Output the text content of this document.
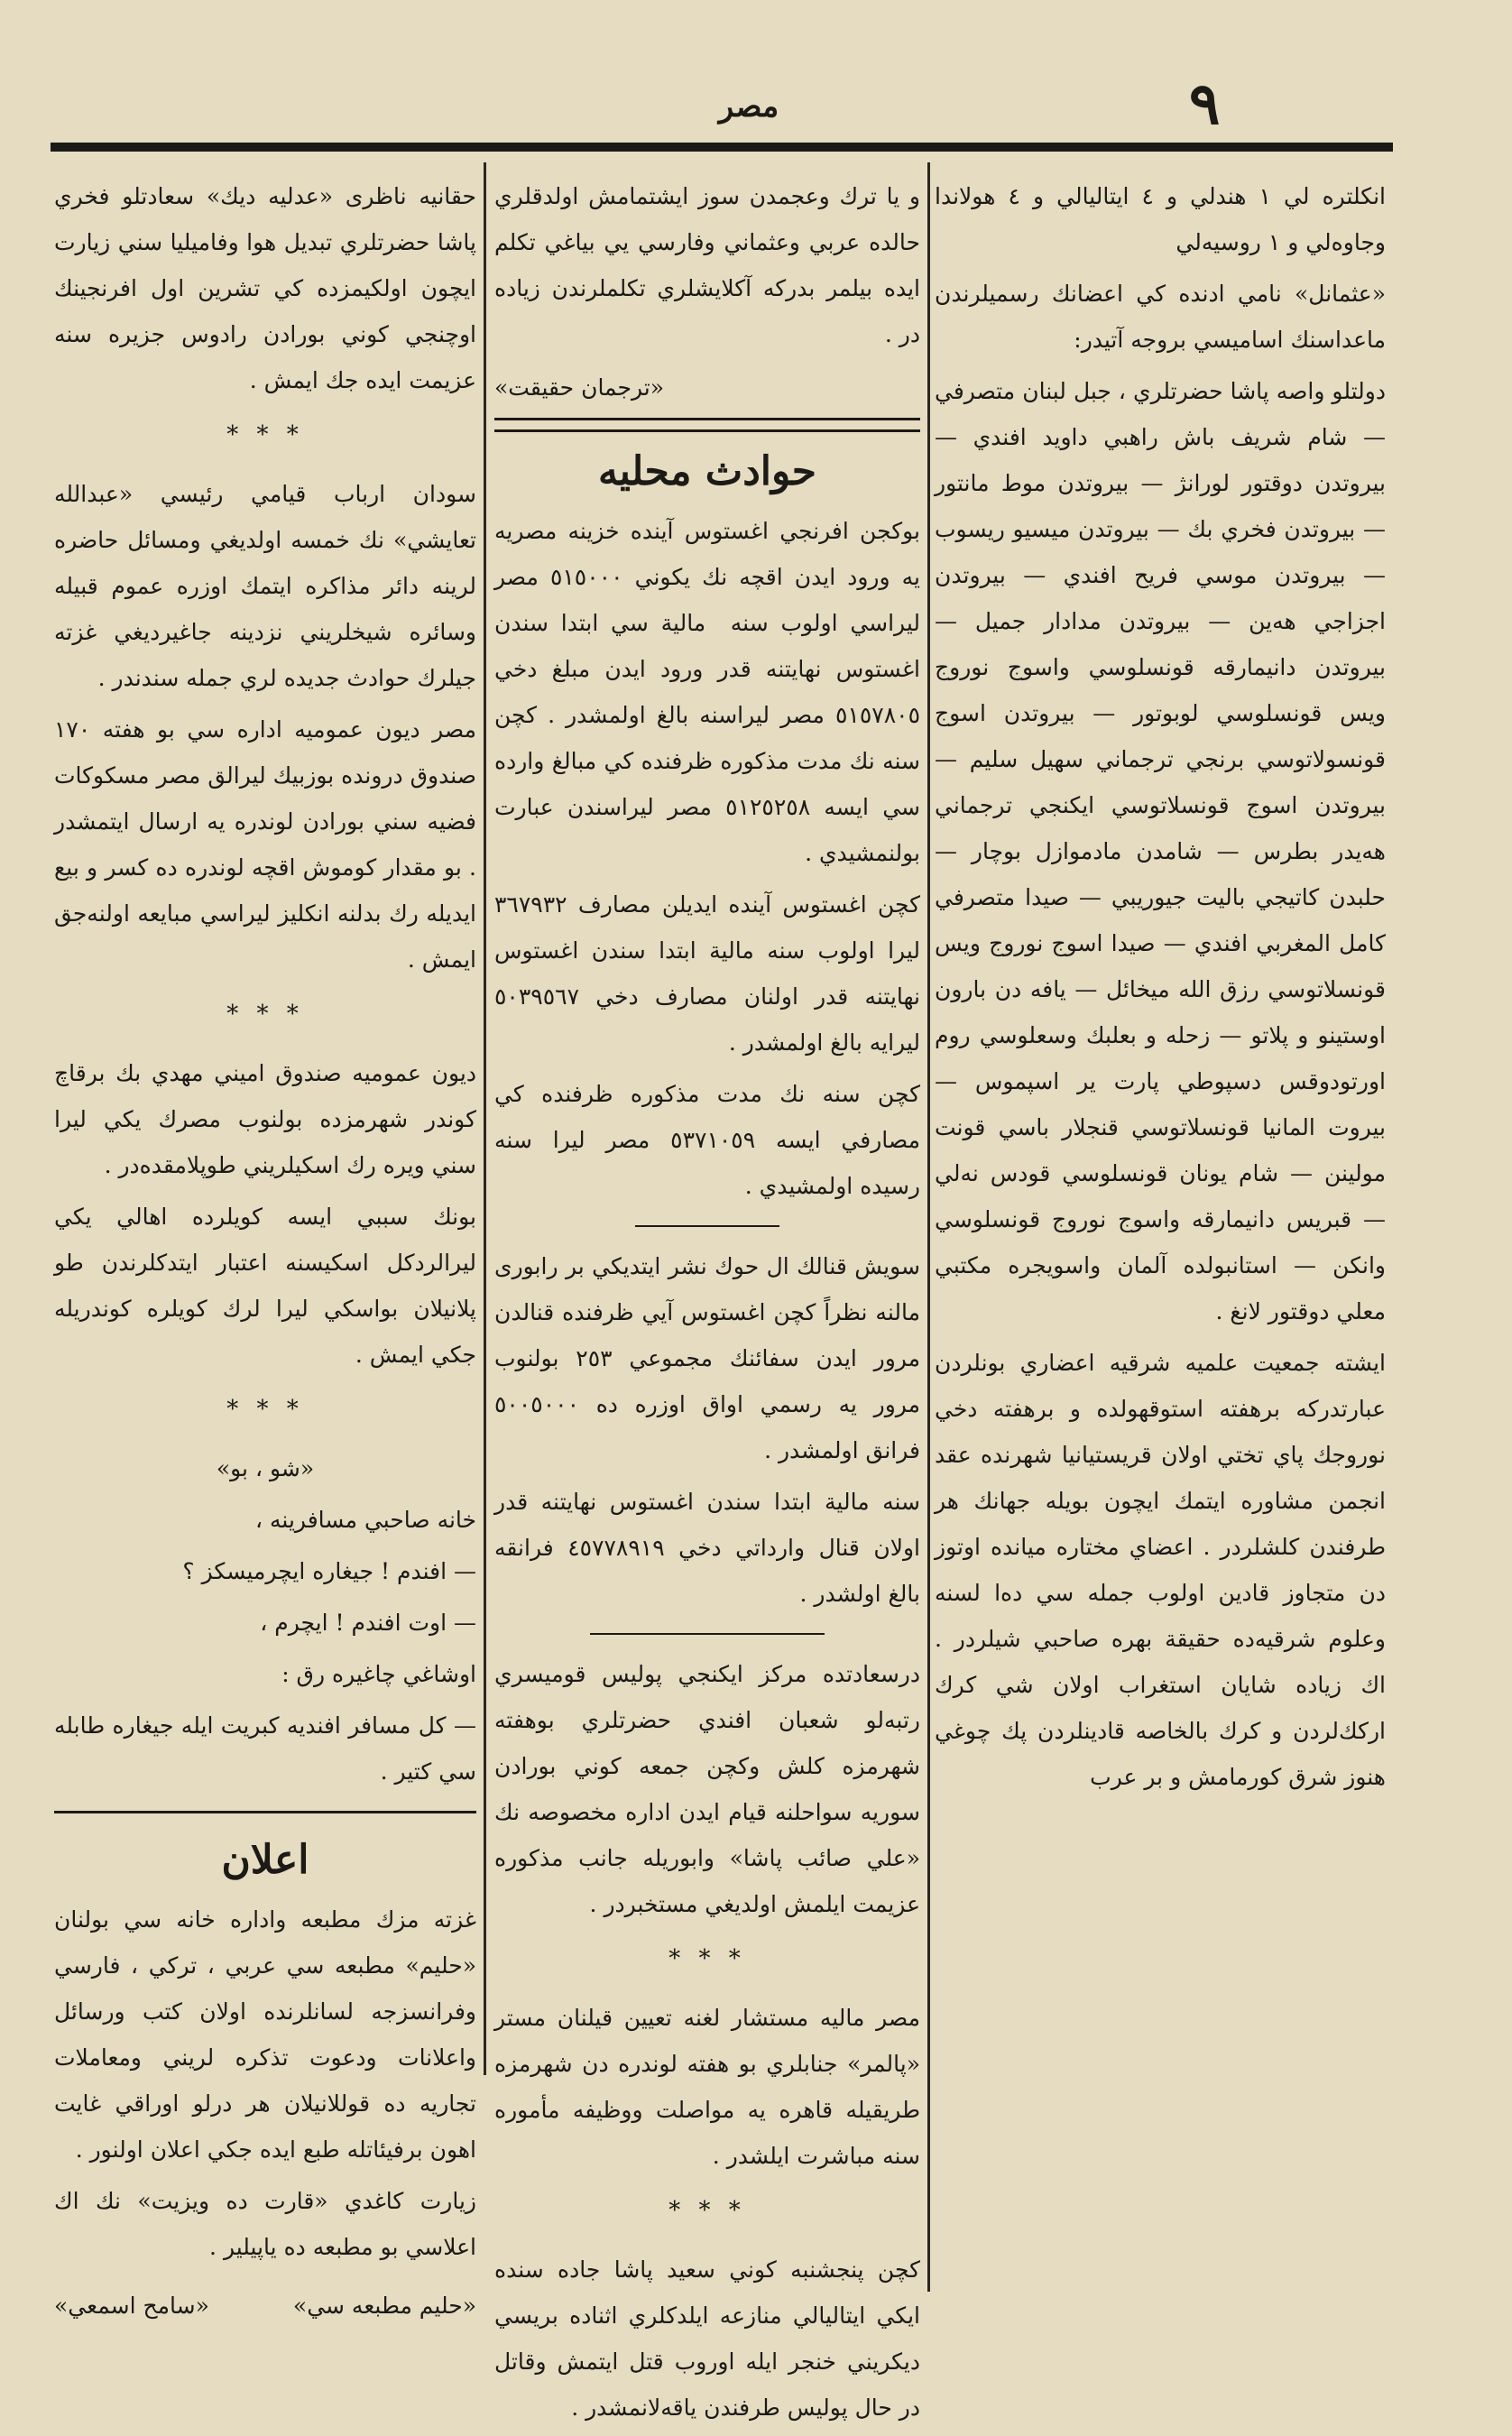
٩
مصر

انكلترە لي ۱ هندلي و ٤ ايتاليالي و ٤ هولاندا وجاوەلي و ۱ روسيەلي

«عثمانل» نامي ادنده كي اعضانك رسميلرندن ماعداسنك اساميسي بروجه آتيدر:

دولتلو واصە پاشا حضرتلري ، جبل لبنان متصرفي — شام شريف باش راهبي داويد افندي — بيروتدن دوقتور لورانژ — بيروتدن موط مانتور — بيروتدن فخري بك — بيروتدن ميسيو ريسوب — بيروتدن موسي فريح افندي — بيروتدن اجزاجي هەين — بيروتدن مدادار جميل — بيروتدن دانيمارقه قونسلوسي واسوج نوروج ويس قونسلوسي لوبوتور — بيروتدن اسوج قونسولاتوسي برنجي ترجماني سهيل سليم — بيروتدن اسوج قونسلاتوسي ايكنجي ترجماني هەيدر بطرس — شامدن مادموازل بوچار — حلبدن كاتيجي باليت جيوريبي — صيدا متصرفي كامل المغربي افندي — صيدا اسوج نوروج ويس قونسلاتوسي رزق الله ميخائل — يافه دن بارون اوستينو و پلاتو — زحله و بعلبك وسعلوسي روم اورتودوقس دسپوطي پارت ير اسپموس — بيروت المانيا قونسلاتوسي قنجلار باسي قونت مولينن — شام يونان قونسلوسي قودس ‌نه‌لي — قبريس دانيمارقه واسوج نوروج قونسلوسي وانكن — استانبولده آلمان واسويجره مكتبي معلي دوقتور لانغ .

ايشته جمعيت علميه شرقيه اعضاري بونلردن عبارتدركه برهفته استوقهولده و برهفته دخي نوروجك پاي تختي اولان قريستيانيا شهرنده عقد انجمن مشاوره ايتمك ايچون بويله جهانك هر طرفندن كلشلردر . اعضاي مختاره ميانده اوتوز دن متجاوز قادين اولوب جمله سي ده‌ا لسنه وعلوم شرقيه‌ده حقيقة بهره صاحبي شيلردر . اك زياده شايان استغراب اولان شي كرك اركك‌لردن و كرك بالخاصه قادينلردن پك چوغي هنوز شرق كورمامش و بر عرب

و يا ترك وعجمدن سوز ايشتمامش اولدقلري حالده عربي وعثماني وفارسي يي بياغي تكلم ايده بيلمر بدركه آكلايشلري تكلملرندن زياده در .

«ترجمان حقيقت»
حوادث محليه

بوكجن افرنجي اغستوس آينده خزينه مصريه ‌يه ورود ايدن اقچه نك يكوني ٥١٥٠٠٠ مصر ليراسي اولوب سنه ‌ مالية سي ابتدا سندن اغستوس نهايتنه قدر ورود ايدن مبلغ دخي ٥١٥٧٨٠٥ مصر ليراسنه بالغ اولمشدر . كچن سنه نك مدت مذكوره ظرفنده كي مبالغ وارده سي ايسه ٥١٢٥٢٥٨ مصر ليراسندن عبارت بولنمشيدي .

كچن اغستوس آينده ايديلن مصارف ٣٦٧٩٣٢ ليرا اولوب سنه مالية ابتدا سندن اغستوس نهايتنه قدر اولنان مصارف دخي ٥٠٣٩٥٦٧ ليرايه بالغ اولمشدر .

كچن سنه نك مدت مذكوره ظرفنده كي مصارفي ايسه ٥٣٧١٠٥٩ مصر ليرا سنه رسيده اولمشيدي .

سويش قنالك ال حوك نشر ايتديكي بر رابورى مالنه نظراً كچن اغستوس آيي ظرفنده قنالدن مرور ايدن سفائنك مجموعي ٢٥٣ بولنوب مرور يه رسمي اواق اوزره ده ٥٠٠٥٠٠٠ فرانق اولمشدر .

سنه مالية ابتدا سندن اغستوس نهايتنه قدر اولان قنال وارداتي دخي ٤٥٧٧٨٩١٩ فرانقه بالغ اولشدر .

درسعادتده مركز ايكنجي پوليس قوميسري رتبه‌لو شعبان افندي حضرتلري بوهفته شهرمزه كلش وكچن جمعه كوني بورادن سوريه سواحلنه قيام ايدن اداره مخصوصه نك «علي صائب پاشا» وابوريله جانب مذكوره عزيمت ايلمش اولديغي مستخبردر .

* * *

مصر ماليه مستشار لغنه تعيين قيلنان مستر «پالمر» جنابلري بو هفته لوندره دن شهرمزه طريقيله قاهره يه مواصلت ووظيفه مأموره سنه مباشرت ايلشدر .

* * *

كچن پنجشنبه كوني سعيد پاشا جاده سنده ايكي ايتاليالي منازعه ايلدكلري اثناده بريسي ديكريني خنجر ايله اوروب قتل ايتمش وقاتل در حال پوليس طرفندن ياقه‌لانمشدر .

حقانيه ناظرى «عدليه ديك» سعادتلو فخري پاشا حضرتلري تبديل هوا وفاميليا سني زيارت ايچون اولكيمزده كي تشرين اول افرنجينك اوچنجي كوني بورادن رادوس جزيره سنه عزيمت ايده جك ايمش .

* * *

سودان ارباب قيامي رئيسي «عبدالله تعايشي» نك خمسه اولديغي ومسائل حاضره لرينه دائر مذاكره ايتمك اوزره عموم قبيله وسائره شيخلريني نزدينه جاغيرديغي غزته جيلرك حوادث جديده لري جمله سندندر .

مصر ديون عموميه اداره سي بو هفته ١٧٠ صندوق درونده بوزبيك ليرالق مصر مسكوكات فضيه سني بورادن لوندره يه ارسال ايتمشدر . بو مقدار كوموش اقچه لوندره ده كسر و بيع ايديله رك بدلنه انكليز ليراسي مبايعه اولنه‌جق ايمش .

* * *

ديون عموميه صندوق اميني مهدي بك برقاچ كوندر شهرمزده بولنوب مصرك يكي ليرا سني ويره رك اسكيلريني طوپلامقده‌در .

بونك سببي ايسه كويلرده اهالي يكي ليرالردكل اسكيسنه اعتبار ايتدكلرندن طو پلانيلان بواسكي ليرا لرك كويلره كوندريله جكي ايمش .

* * *

«شو ، بو»

خانه صاحبي مسافرينه ،

— افندم ! جيغاره ايچرميسكز ؟

— اوت افندم ! ايچرم ،

اوشاغي چاغيره رق :

— كل مسافر افنديه كبريت ايله جيغاره طابله سي كتير .

اعلان

غزته مزك مطبعه واداره خانه سي بولنان «حليم» مطبعه سي عربي ، تركي ، فارسي وفرانسزجه لسانلرنده اولان كتب ورسائل واعلانات ودعوت تذكره لريني ومعاملات تجاريه ده قوللانيلان هر درلو اوراقي غايت اهون برفيئاتله طبع ايده جكي اعلان اولنور .

زيارت كاغدي «قارت ده ويزيت» نك اك اعلاسي بو مطبعه ده ياپيلير .

«حليم مطبعه سي»
«سامح اسمعي»
